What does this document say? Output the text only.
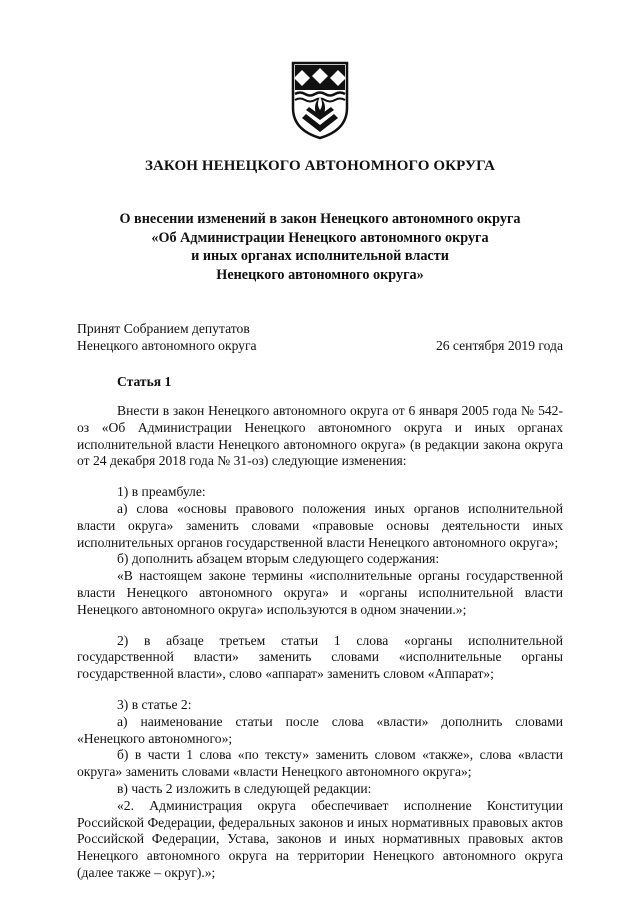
ЗАКОН НЕНЕЦКОГО АВТОНОМНОГО ОКРУГА
О внесении изменений в закон Ненецкого автономного округа
«Об Администрации Ненецкого автономного округа
и иных органах исполнительной власти
Ненецкого автономного округа»
Принят Собранием депутатов
Ненецкого автономного округа	26 сентября 2019 года
Статья 1

Внести в закон Ненецкого автономного округа от 6 января 2005 года № 542-оз «Об Администрации Ненецкого автономного округа и иных органах исполнительной власти Ненецкого автономного округа» (в редакции закона округа от 24 декабря 2018 года № 31-оз) следующие изменения:

1) в преамбуле:

а) слова «основы правового положения иных органов исполнительной власти округа» заменить словами «правовые основы деятельности иных исполнительных органов государственной власти Ненецкого автономного округа»;

б) дополнить абзацем вторым следующего содержания:

«В настоящем законе термины «исполнительные органы государственной власти Ненецкого автономного округа» и «органы исполнительной власти Ненецкого автономного округа» используются в одном значении.»;

2) в абзаце третьем статьи 1 слова «органы исполнительной государственной власти» заменить словами «исполнительные органы государственной власти», слово «аппарат» заменить словом «Аппарат»;

3) в статье 2:

а) наименование статьи после слова «власти» дополнить словами «Ненецкого автономного»;

б) в части 1 слова «по тексту» заменить словом «также», слова «власти округа» заменить словами «власти Ненецкого автономного округа»;

в) часть 2 изложить в следующей редакции:

«2. Администрация округа обеспечивает исполнение Конституции Российской Федерации, федеральных законов и иных нормативных правовых актов Российской Федерации, Устава, законов и иных нормативных правовых актов Ненецкого автономного округа на территории Ненецкого автономного округа (далее также – округ).»;
